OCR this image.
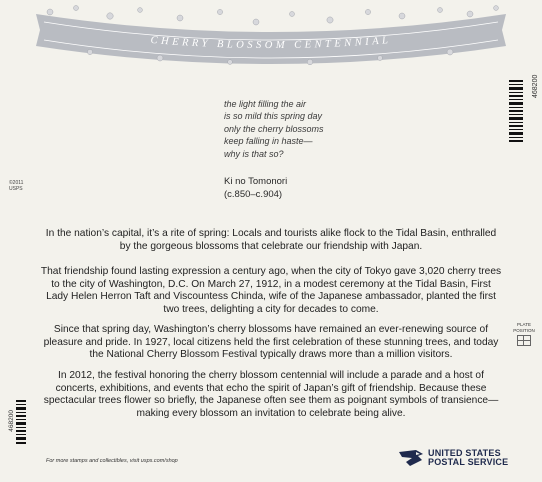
CHERRY BLOSSOM CENTENNIAL
the light filling the air
is so mild this spring day
only the cherry blossoms
keep falling in haste—
why is that so?
Ki no Tomonori
(c.850–c.904)
©2011
USPS
468200
468200
PLATE
POSITION
In the nation’s capital, it’s a rite of spring: Locals and tourists alike flock to the Tidal Basin, enthralled by the gorgeous blossoms that celebrate our friendship with Japan.
That friendship found lasting expression a century ago, when the city of Tokyo gave 3,020 cherry trees to the city of Washington, D.C. On March 27, 1912, in a modest ceremony at the Tidal Basin, First Lady Helen Herron Taft and Viscountess Chinda, wife of the Japanese ambassador, planted the first two trees, delighting a city for decades to come.
Since that spring day, Washington’s cherry blossoms have remained an ever-renewing source of pleasure and pride. In 1927, local citizens held the first celebration of these stunning trees, and today the National Cherry Blossom Festival typically draws more than a million visitors.
In 2012, the festival honoring the cherry blossom centennial will include a parade and a host of concerts, exhibitions, and events that echo the spirit of Japan’s gift of friendship. Because these spectacular trees flower so briefly, the Japanese often see them as poignant symbols of transience—making every blossom an invitation to celebrate being alive.
For more stamps and collectibles, visit usps.com/shop
UNITED STATES
POSTAL SERVICE
